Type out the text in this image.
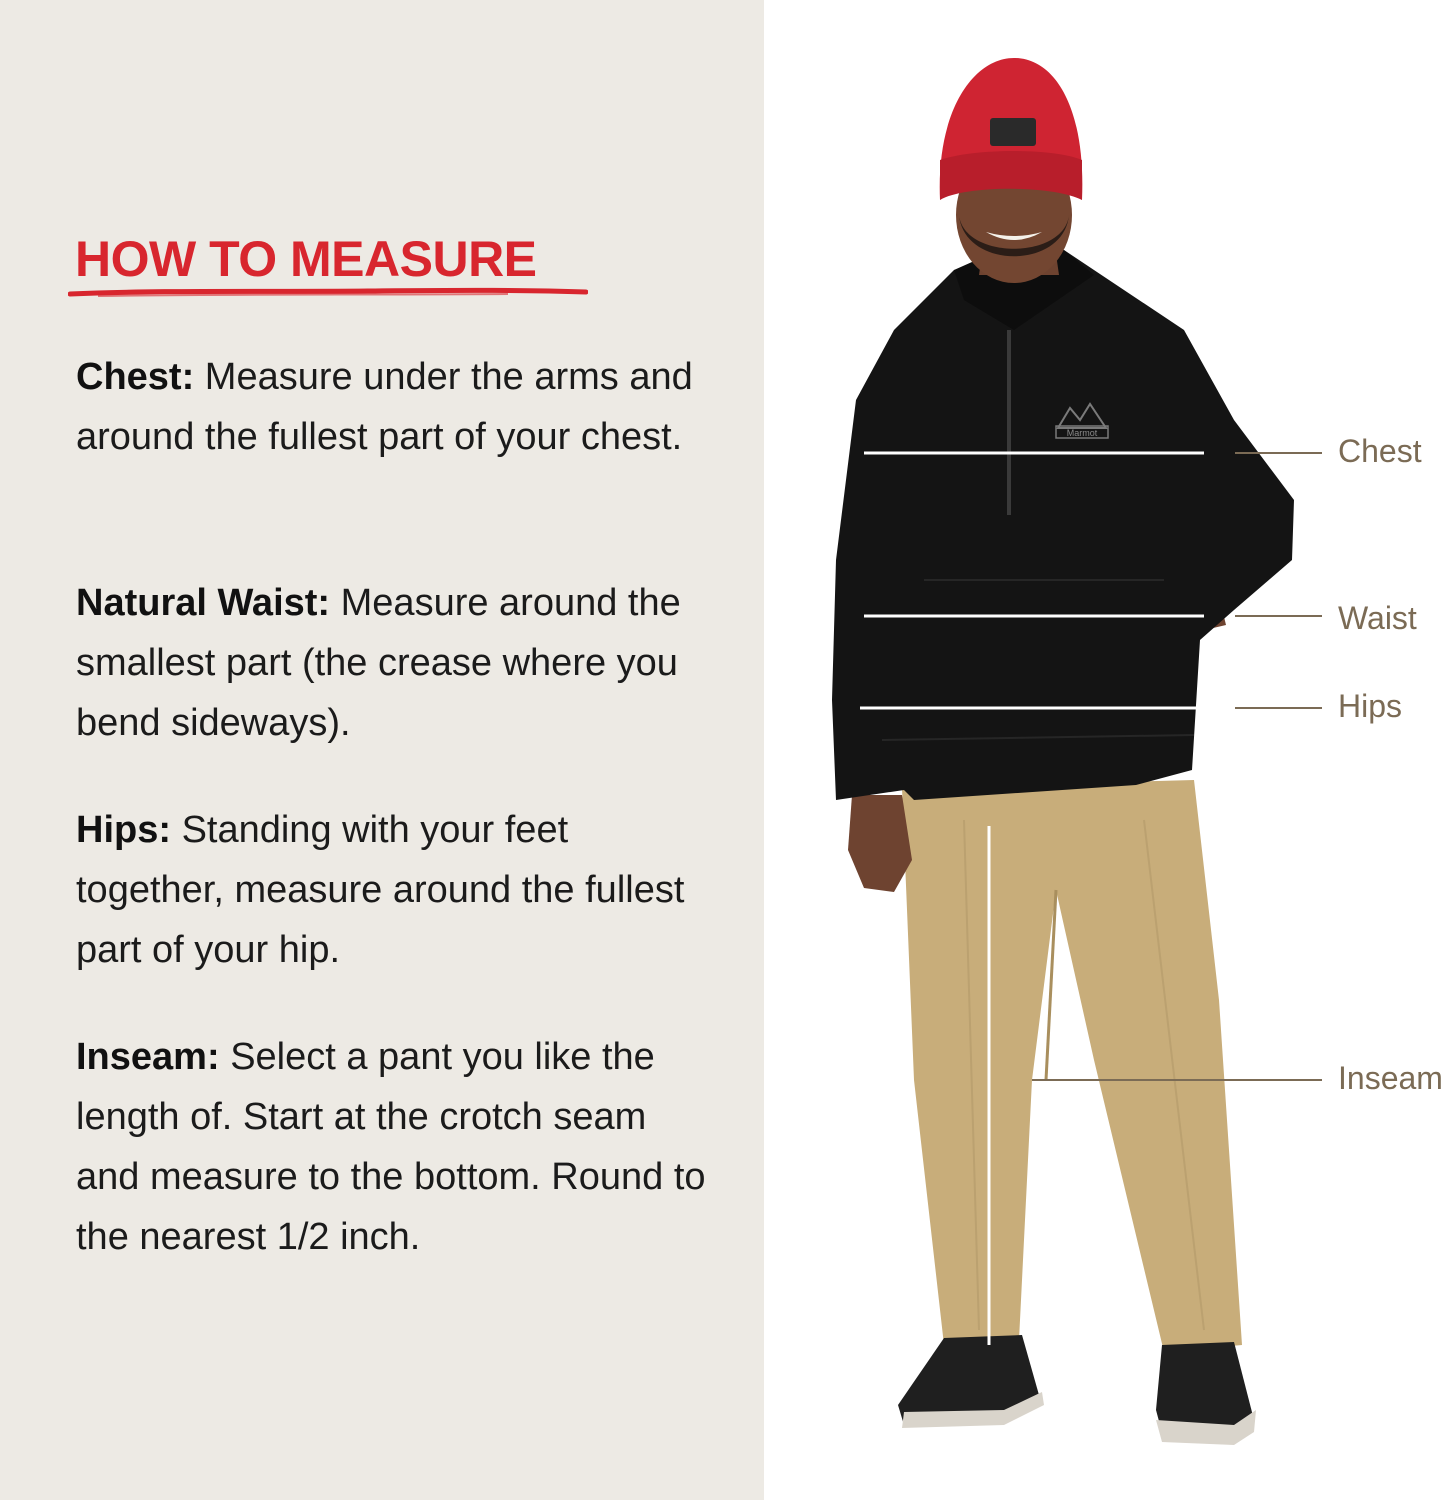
HOW TO MEASURE

Chest: Measure under the arms and around the fullest part of your chest.

Natural Waist: Measure around the smallest part (the crease where you bend sideways).

Hips: Standing with your feet together, measure around the fullest part of your hip.

Inseam: Select a pant you like the length of. Start at the crotch seam and measure to the bottom. Round to the nearest 1/2 inch.

Marmot	Chest
Waist
Hips
Inseam
